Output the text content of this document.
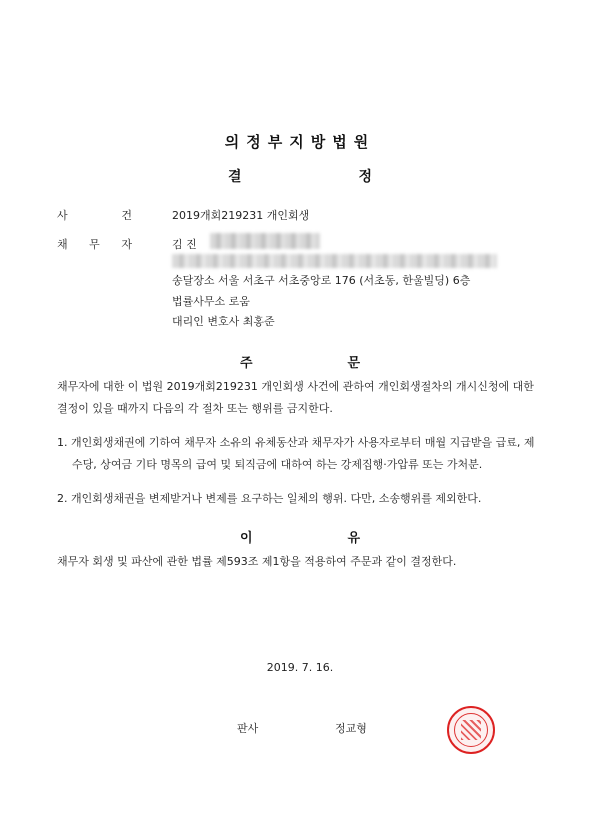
의정부지방법원
결	정
사	건	2019개회219231 개인회생
채 무 자	김 진
송달장소 서울 서초구 서초중앙로 176 (서초동, 한울빌딩) 6층
법률사무소 로움
대리인 변호사 최홍준
주	문
채무자에 대한 이 법원 2019개회219231 개인회생 사건에 관하여 개인회생절차의 개시신청에 대한 결정이 있을 때까지 다음의 각 절차 또는 행위를 금지한다.
1. 개인회생채권에 기하여 채무자 소유의 유체동산과 채무자가 사용자로부터 매월 지급받을 급료, 제수당, 상여금 기타 명목의 급여 및 퇴직금에 대하여 하는 강제집행·가압류 또는 가처분.
2. 개인회생채권을 변제받거나 변제를 요구하는 일체의 행위. 다만, 소송행위를 제외한다.
이	유
채무자 회생 및 파산에 관한 법률 제593조 제1항을 적용하여 주문과 같이 결정한다.
2019. 7. 16.
판사	정교형
